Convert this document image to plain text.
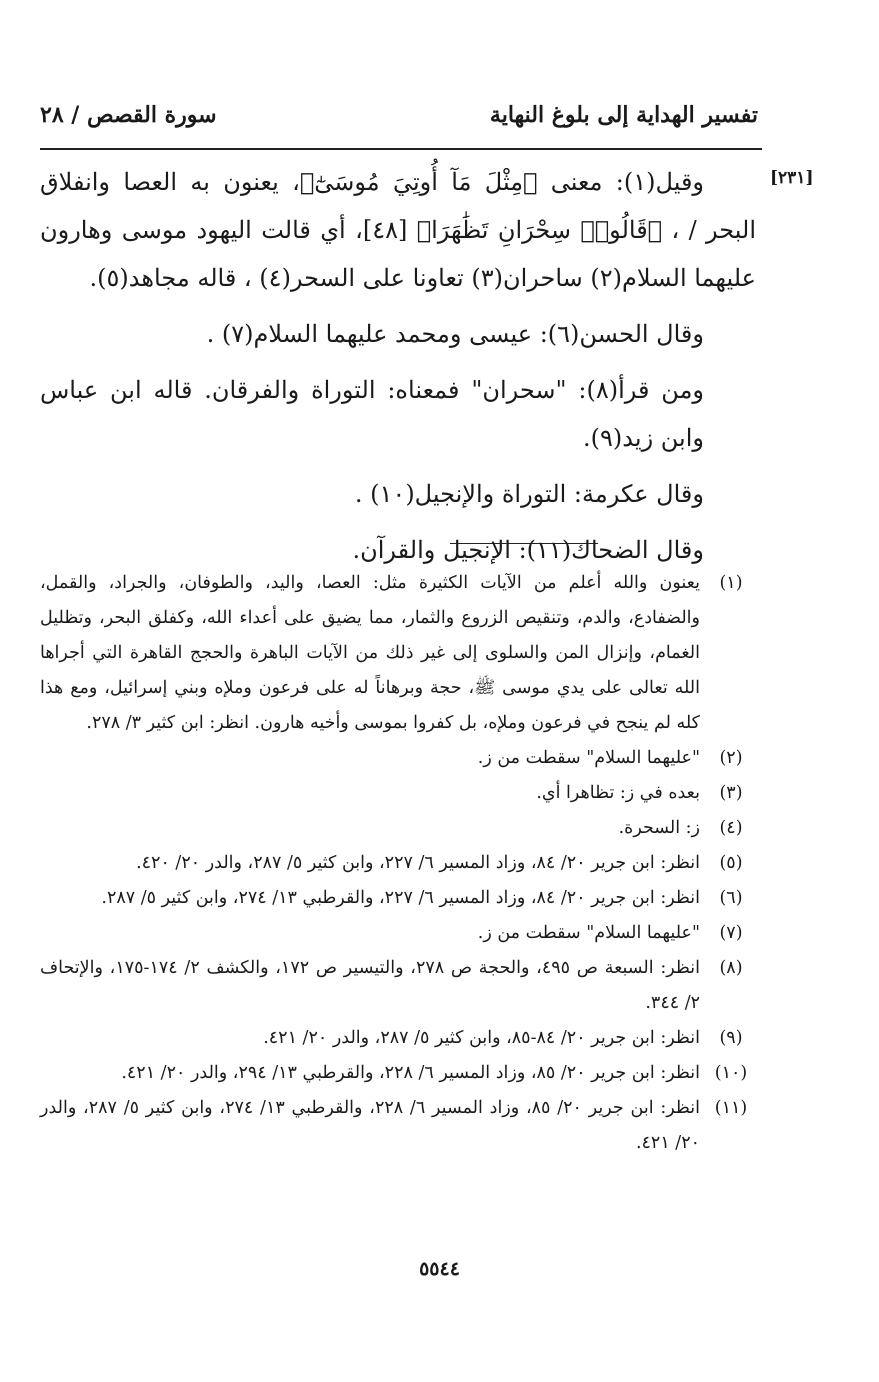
تفسير الهداية إلى بلوغ النهاية
سورة القصص / ٢٨
[٢٣١]

وقيل(١): معنى ﴿مِثْلَ مَآ أُوتِيَ مُوسَىٰٓ﴾، يعنون به العصا وانفلاق البحر / ، ﴿قَالُوا۟ سِحْرَانِ تَظَٰهَرَا﴾ [٤٨]، أي قالت اليهود موسى وهارون عليهما السلام(٢) ساحران(٣) تعاونا على السحر(٤) ، قاله مجاهد(٥).

وقال الحسن(٦): عيسى ومحمد عليهما السلام(٧) .

ومن قرأ(٨): "سحران" فمعناه: التوراة والفرقان. قاله ابن عباس وابن زيد(٩).

وقال عكرمة: التوراة والإنجيل(١٠) .

وقال الضحاك(١١): الإنجيل والقرآن.

(١)
يعنون والله أعلم من الآيات الكثيرة مثل: العصا، واليد، والطوفان، والجراد، والقمل، والضفادع، والدم، وتنقيص الزروع والثمار، مما يضيق على أعداء الله، وكفلق البحر، وتظليل الغمام، وإنزال المن والسلوى إلى غير ذلك من الآيات الباهرة والحجج القاهرة التي أجراها الله تعالى على يدي موسى ﷺ، حجة وبرهاناً له على فرعون وملإه وبني إسرائيل، ومع هذا كله لم ينجح في فرعون وملإه، بل كفروا بموسى وأخيه هارون. انظر: ابن كثير ٣/ ٢٧٨.
(٢)
"عليهما السلام" سقطت من ز.
(٣)
بعده في ز: تظاهرا أي.
(٤)
ز: السحرة.
(٥)
انظر: ابن جرير ٢٠/ ٨٤، وزاد المسير ٦/ ٢٢٧، وابن كثير ٥/ ٢٨٧، والدر ٢٠/ ٤٢٠.
(٦)
انظر: ابن جرير ٢٠/ ٨٤، وزاد المسير ٦/ ٢٢٧، والقرطبي ١٣/ ٢٧٤، وابن كثير ٥/ ٢٨٧.
(٧)
"عليهما السلام" سقطت من ز.
(٨)
انظر: السبعة ص ٤٩٥، والحجة ص ٢٧٨، والتيسير ص ١٧٢، والكشف ٢/ ١٧٤-١٧٥، والإتحاف ٢/ ٣٤٤.
(٩)
انظر: ابن جرير ٢٠/ ٨٤-٨٥، وابن كثير ٥/ ٢٨٧، والدر ٢٠/ ٤٢١.
(١٠)
انظر: ابن جرير ٢٠/ ٨٥، وزاد المسير ٦/ ٢٢٨، والقرطبي ١٣/ ٢٩٤، والدر ٢٠/ ٤٢١.
(١١)
انظر: ابن جرير ٢٠/ ٨٥، وزاد المسير ٦/ ٢٢٨، والقرطبي ١٣/ ٢٧٤، وابن كثير ٥/ ٢٨٧، والدر ٢٠/ ٤٢١.
٥٥٤٤
